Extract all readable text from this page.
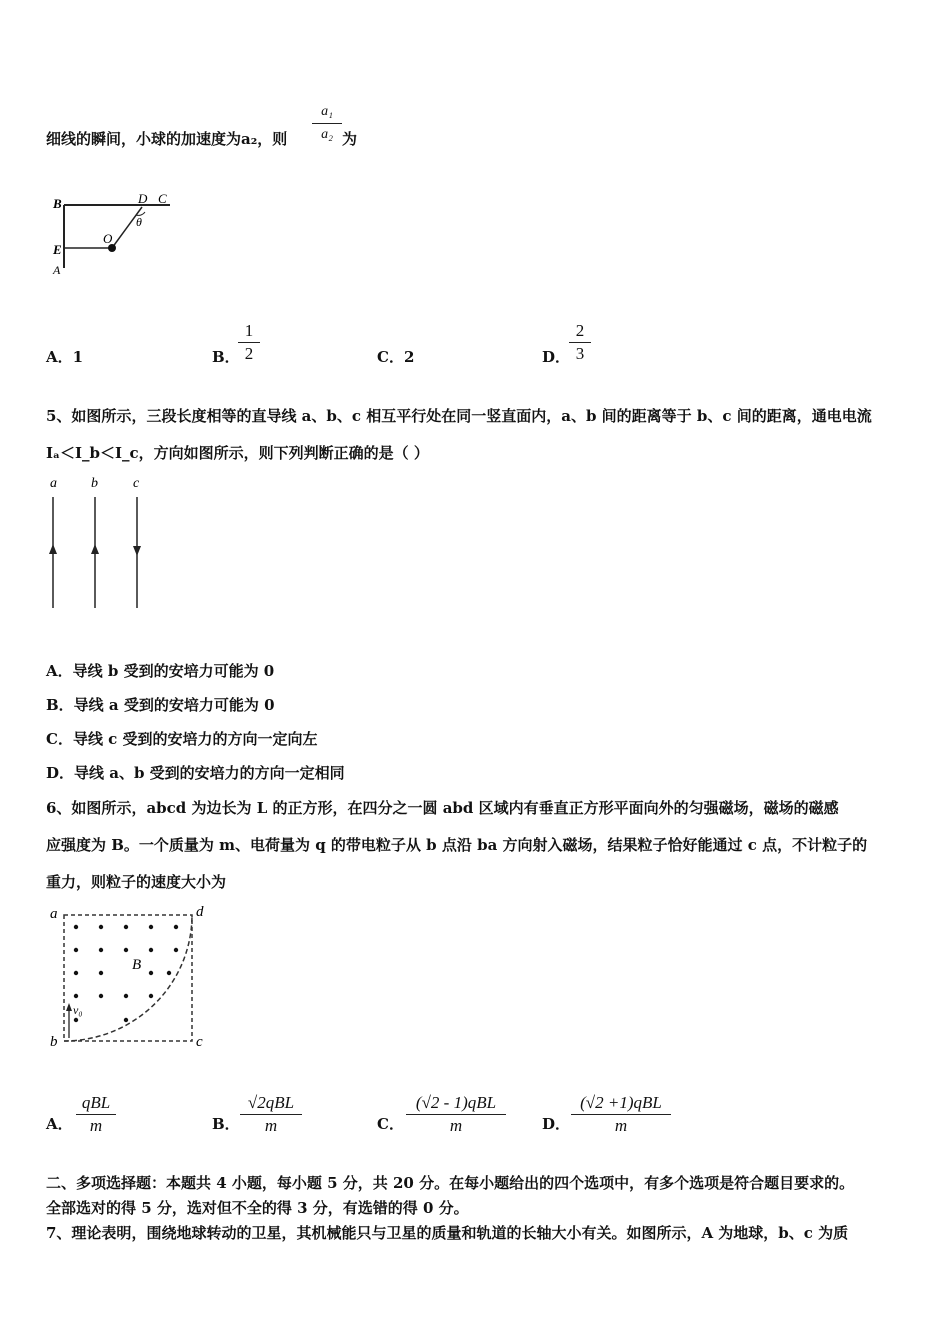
细线的瞬间，小球的加速度为a₂，则 $\frac{\text{a₁}}{\text{a₂}}$ 为
B	D C
θ
O
E
A
A．1	B．
$\frac{1}{2}$	C．2	D．
$\frac{2}{3}$
5、如图所示，三段长度相等的直导线 a、b、c 相互平行处在同一竖直面内，a、b 间的距离等于 b、c 间的距离，通电电流
Iₐ＜I_b＜I_c，方向如图所示，则下列判断正确的是（ ）
a b	c
A．导线 b 受到的安培力可能为 0
B．导线 a 受到的安培力可能为 0
C．导线 c 受到的安培力的方向一定向左
D．导线 a、b 受到的安培力的方向一定相同
6、如图所示，abcd 为边长为 L 的正方形，在四分之一圆 abd 区域内有垂直正方形平面向外的匀强磁场，磁场的磁感
应强度为 B。一个质量为 m、电荷量为 q 的带电粒子从 b 点沿 ba 方向射入磁场，结果粒子恰好能通过 c 点，不计粒子的
重力，则粒子的速度大小为
a	d
b	c
B
v₀
A．
qBL
m	B．
√2qBL
m	C．
(√2 - 1)qBL
m	D．
(√2 +1)qBL
m
二、多项选择题：本题共 4 小题，每小题 5 分，共 20 分。在每小题给出的四个选项中，有多个选项是符合题目要求的。
全部选对的得 5 分，选对但不全的得 3 分，有选错的得 0 分。
7、理论表明，围绕地球转动的卫星，其机械能只与卫星的质量和轨道的长轴大小有关。如图所示，A 为地球，b、c 为质
